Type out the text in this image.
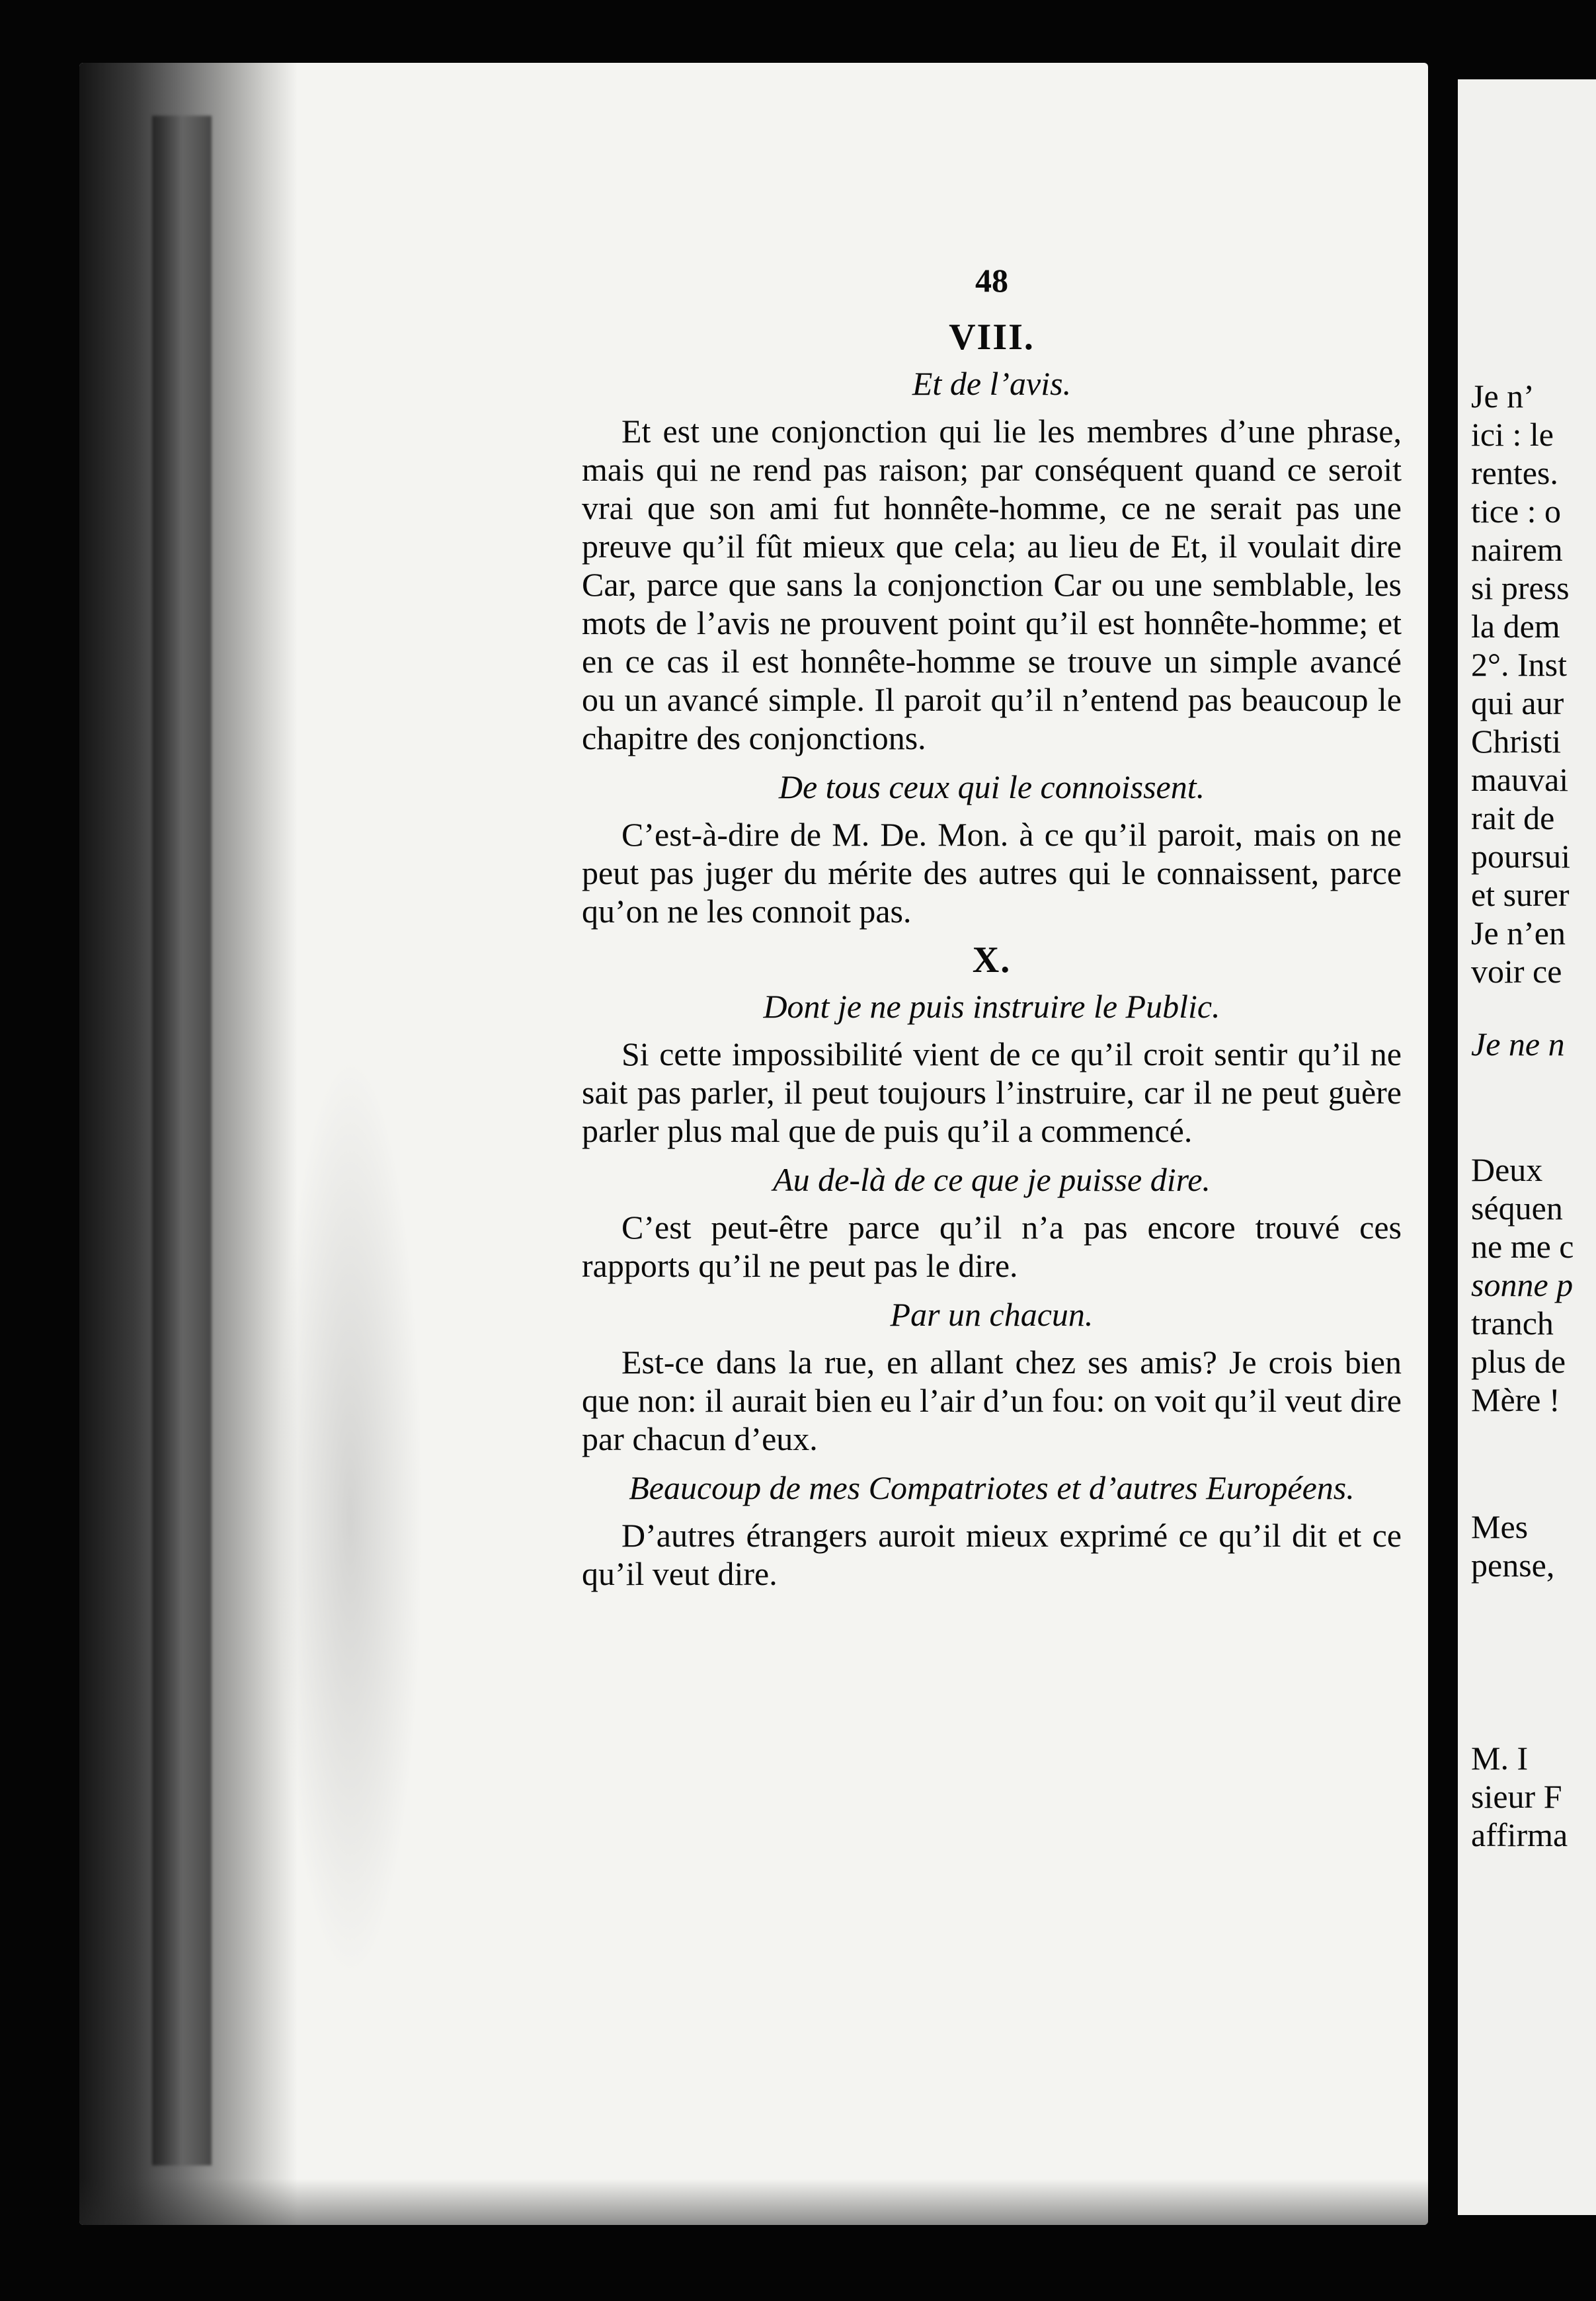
48
VIII.
Et de l’avis.

Et est une conjonction qui lie les membres d’une phrase, mais qui ne rend pas raison; par conséquent quand ce seroit vrai que son ami fut honnête-homme, ce ne serait pas une preuve qu’il fût mieux que cela; au lieu de Et, il voulait dire Car, parce que sans la conjonction Car ou une semblable, les mots de l’avis ne prouvent point qu’il est honnête-homme; et en ce cas il est honnête-homme se trouve un simple avancé ou un avancé simple. Il paroit qu’il n’entend pas beaucoup le chapitre des conjonctions.

De tous ceux qui le connoissent.

C’est-à-dire de M. De. Mon. à ce qu’il paroit, mais on ne peut pas juger du mérite des autres qui le connaissent, parce qu’on ne les connoit pas.

X.
Dont je ne puis instruire le Public.

Si cette impossibilité vient de ce qu’il croit sentir qu’il ne sait pas parler, il peut toujours l’instruire, car il ne peut guère parler plus mal que de puis qu’il a commencé.

Au de-là de ce que je puisse dire.

C’est peut-être parce qu’il n’a pas encore trouvé ces rapports qu’il ne peut pas le dire.

Par un chacun.

Est-ce dans la rue, en allant chez ses amis? Je crois bien que non: il aurait bien eu l’air d’un fou: on voit qu’il veut dire par chacun d’eux.

Beaucoup de mes Compatriotes et d’autres Européens.

D’autres étrangers auroit mieux exprimé ce qu’il dit et ce qu’il veut dire.

Je n’
ici : le
rentes.
tice : o
nairem
si press
la dem
2°. Inst
qui aur
Christi
mauvai
rait de
poursui
et surer
Je n’en
voir ce
Je ne n
Deux
séquen
ne me c
sonne p
tranch
plus de
Mère !
Mes
pense,
M. I
sieur F
affirma
